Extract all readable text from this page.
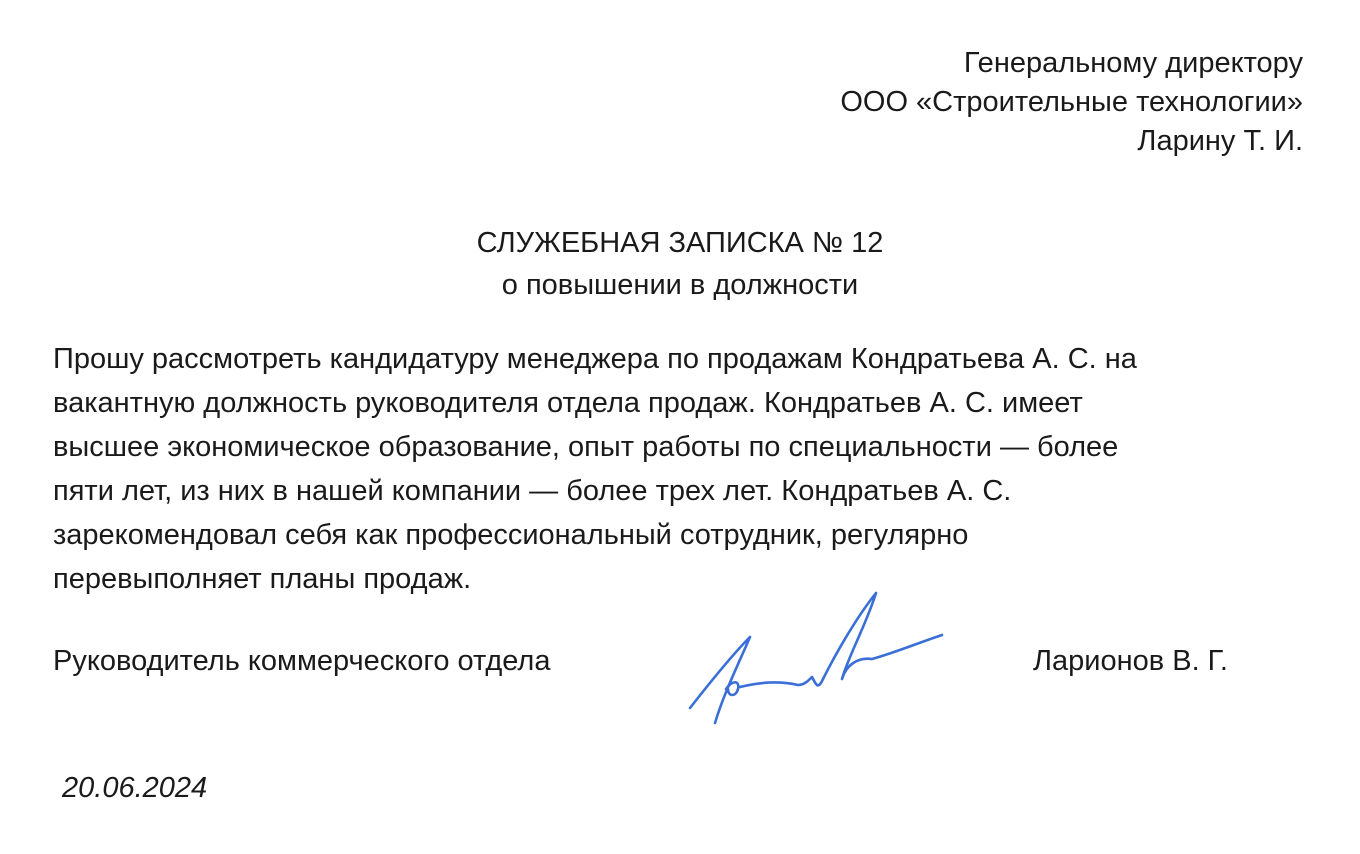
Генеральному директору
ООО «Строительные технологии»
Ларину Т. И.
СЛУЖЕБНАЯ ЗАПИСКА № 12
о повышении в должности
Прошу рассмотреть кандидатуру менеджера по продажам Кондратьева А. С. на
вакантную должность руководителя отдела продаж. Кондратьев А. С. имеет
высшее экономическое образование, опыт работы по специальности — более
пяти лет, из них в нашей компании — более трех лет. Кондратьев А. С.
зарекомендовал себя как профессиональный сотрудник, регулярно
перевыполняет планы продаж.
Руководитель коммерческого отдела	Ларионов В. Г.
20.06.2024
